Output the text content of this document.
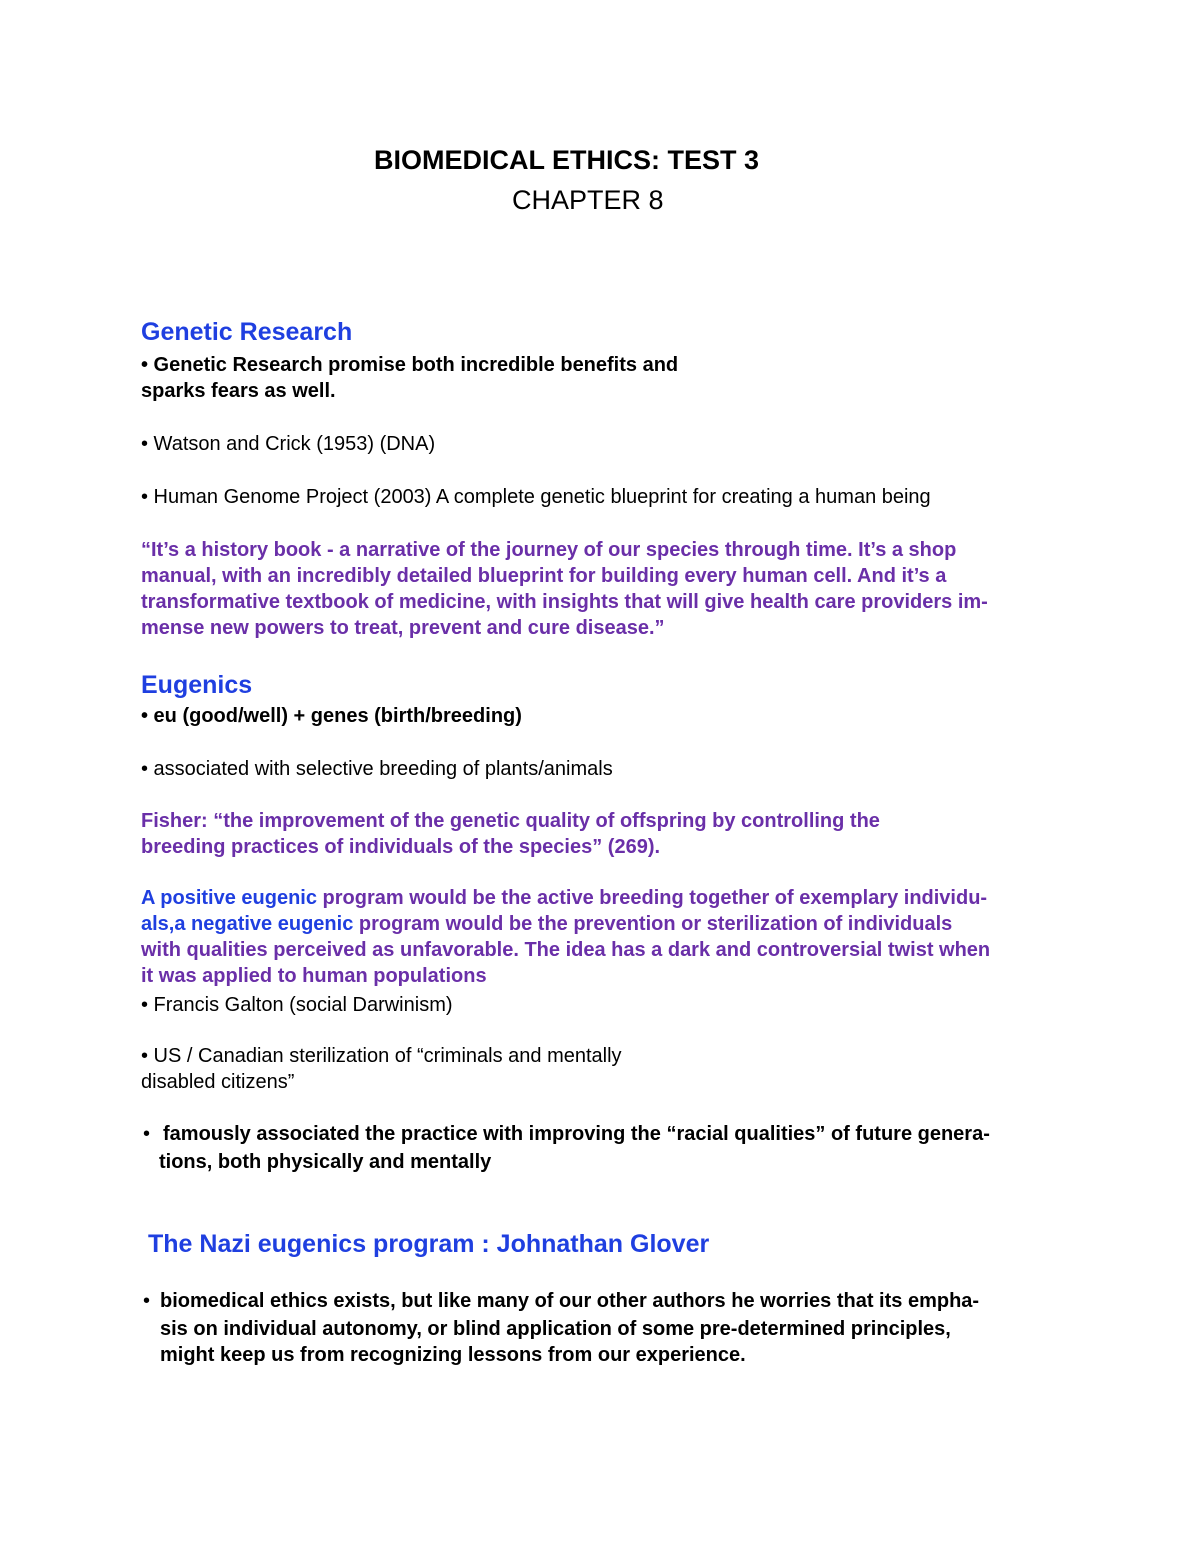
BIOMEDICAL ETHICS: TEST 3
CHAPTER 8
Genetic Research
• Genetic Research promise both incredible benefits and
sparks fears as well.
• Watson and Crick (1953) (DNA)
• Human Genome Project (2003) A complete genetic blueprint for creating a human being
“It’s a history book - a narrative of the journey of our species through time. It’s a shop
manual, with an incredibly detailed blueprint for building every human cell. And it’s a
transformative textbook of medicine, with insights that will give health care providers im-
mense new powers to treat, prevent and cure disease.”
Eugenics
• eu (good/well) + genes (birth/breeding)
• associated with selective breeding of plants/animals
Fisher: “the improvement of the genetic quality of offspring by controlling the
breeding practices of individuals of the species” (269).
A positive eugenic program would be the active breeding together of exemplary individu-
als,a negative eugenic program would be the prevention or sterilization of individuals
with qualities perceived as unfavorable. The idea has a dark and controversial twist when
it was applied to human populations
• Francis Galton (social Darwinism)
• US / Canadian sterilization of “criminals and mentally
disabled citizens”
• famously associated the practice with improving the “racial qualities” of future genera-
tions, both physically and mentally
The Nazi eugenics program : Johnathan Glover
• biomedical ethics exists, but like many of our other authors he worries that its empha-
sis on individual autonomy, or blind application of some pre-determined principles,
might keep us from recognizing lessons from our experience.
